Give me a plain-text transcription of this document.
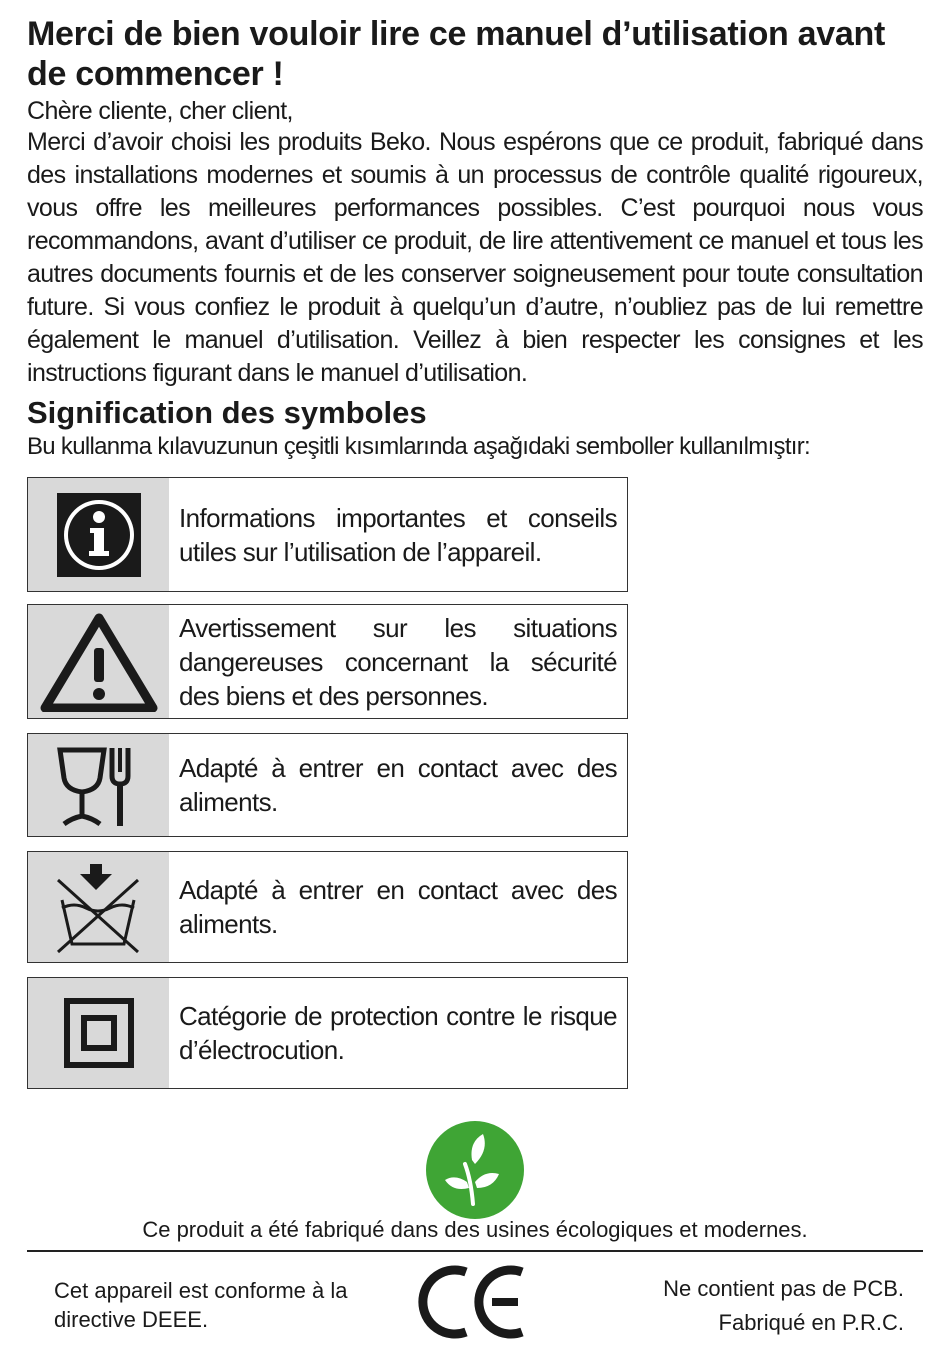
Merci de bien vouloir lire ce manuel d’utilisation avant de commencer !
Chère cliente, cher client,

Merci d’avoir choisi les produits Beko. Nous espérons que ce produit, fabriqué dans des installations modernes et soumis à un processus de contrôle qualité rigoureux, vous offre les meilleures performances possibles. C’est pourquoi nous vous recommandons, avant d’utiliser ce produit, de lire attentivement ce manuel et tous les autres documents fournis et de les conserver soigneusement pour toute consultation future. Si vous confiez le produit à quelqu’un d’autre, n’oubliez pas de lui remettre également le manuel d’utilisation. Veillez à bien respecter les consignes et les instructions figurant dans le manuel d’utilisation.

Signification des symboles
Bu kullanma kılavuzunun çeşitli kısımlarında aşağıdaki semboller kullanılmıştır:
Informations importantes et conseils utiles sur l’utilisation de l’appareil.
Avertissement sur les situations dangereuses concernant la sécurité des biens et des personnes.
Adapté à entrer en contact avec des aliments.
Adapté à entrer en contact avec des aliments.
Catégorie de protection contre le risque d’électrocution.
Ce produit a été fabriqué dans des usines écologiques et modernes.
Cet appareil est conforme à la
directive DEEE.
Ne contient pas de PCB.
Fabriqué en P.R.C.
